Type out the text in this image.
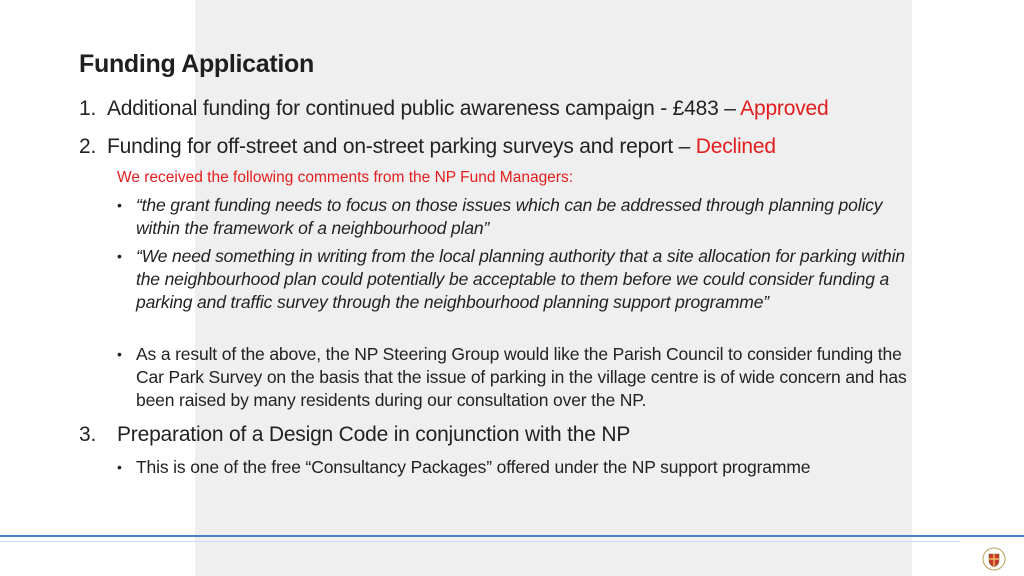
Funding Application
1. Additional funding for continued public awareness campaign - £483 – Approved
2. Funding for off-street and on-street parking surveys and report – Declined
We received the following comments from the NP Fund Managers:
• “the grant funding needs to focus on those issues which can be addressed through planning policy within the framework of a neighbourhood plan”
• “We need something in writing from the local planning authority that a site allocation for parking within the neighbourhood plan could potentially be acceptable to them before we could consider funding a parking and traffic survey through the neighbourhood planning support programme”
• As a result of the above, the NP Steering Group would like the Parish Council to consider funding the Car Park Survey on the basis that the issue of parking in the village centre is of wide concern and has been raised by many residents during our consultation over the NP.
3. Preparation of a Design Code in conjunction with the NP
• This is one of the free “Consultancy Packages” offered under the NP support programme
